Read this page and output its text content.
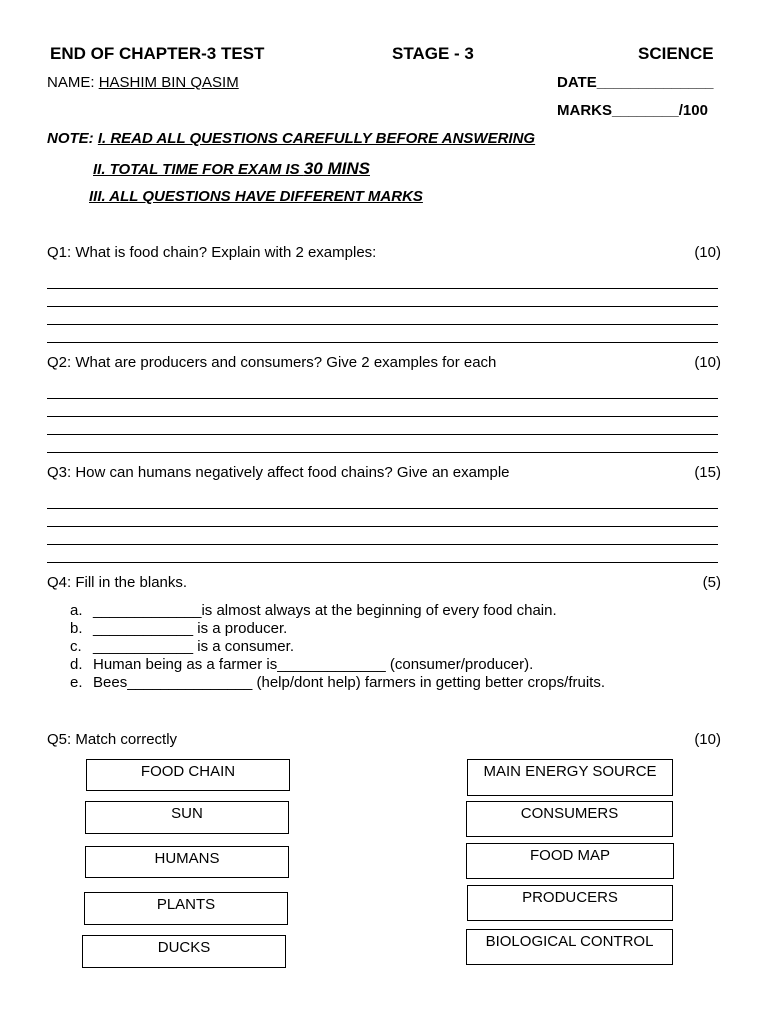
END OF CHAPTER-3 TEST	STAGE - 3	SCIENCE
NAME: HASHIM BIN QASIM	DATE______________
MARKS________/100
NOTE: I. READ ALL QUESTIONS CAREFULLY BEFORE ANSWERING
II. TOTAL TIME FOR EXAM IS 30 MINS
III. ALL QUESTIONS HAVE DIFFERENT MARKS
Q1: What is food chain? Explain with 2 examples:	(10)
Q2: What are producers and consumers? Give 2 examples for each	(10)
Q3: How can humans negatively affect food chains? Give an example	(15)
Q4: Fill in the blanks.	(5)
a. _____________is almost always at the beginning of every food chain.
b. ____________ is a producer.
c. ____________ is a consumer.
d. Human being as a farmer is_____________ (consumer/producer).
e. Bees_______________ (help/dont help) farmers in getting better crops/fruits.
Q5: Match correctly	(10)
FOOD CHAIN
SUN
HUMANS
PLANTS
DUCKS
MAIN ENERGY SOURCE
CONSUMERS
FOOD MAP
PRODUCERS
BIOLOGICAL CONTROL
